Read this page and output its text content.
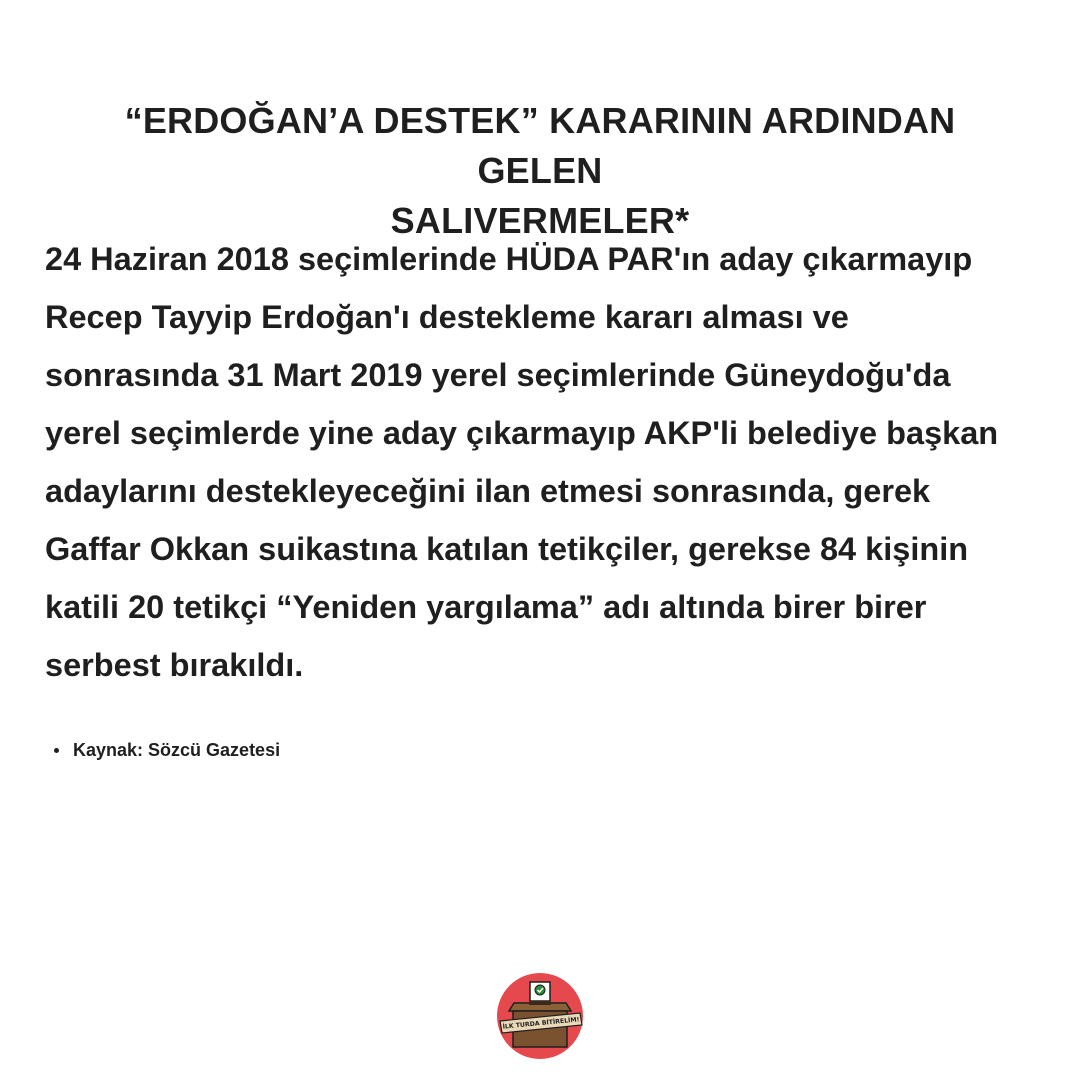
“ERDOĞAN’A DESTEK” KARARININ ARDINDAN GELEN
SALIVERMELER*

24 Haziran 2018 seçimlerinde HÜDA PAR'ın aday çıkarmayıp
Recep Tayyip Erdoğan'ı destekleme kararı alması ve
sonrasında 31 Mart 2019 yerel seçimlerinde Güneydoğu'da
yerel seçimlerde yine aday çıkarmayıp AKP'li belediye başkan
adaylarını destekleyeceğini ilan etmesi sonrasında, gerek
Gaffar Okkan suikastına katılan tetikçiler, gerekse 84 kişinin
katili 20 tetikçi “Yeniden yargılama” adı altında birer birer
serbest bırakıldı.

Kaynak: Sözcü Gazetesi
İLK TURDA BİTİRELİM!
